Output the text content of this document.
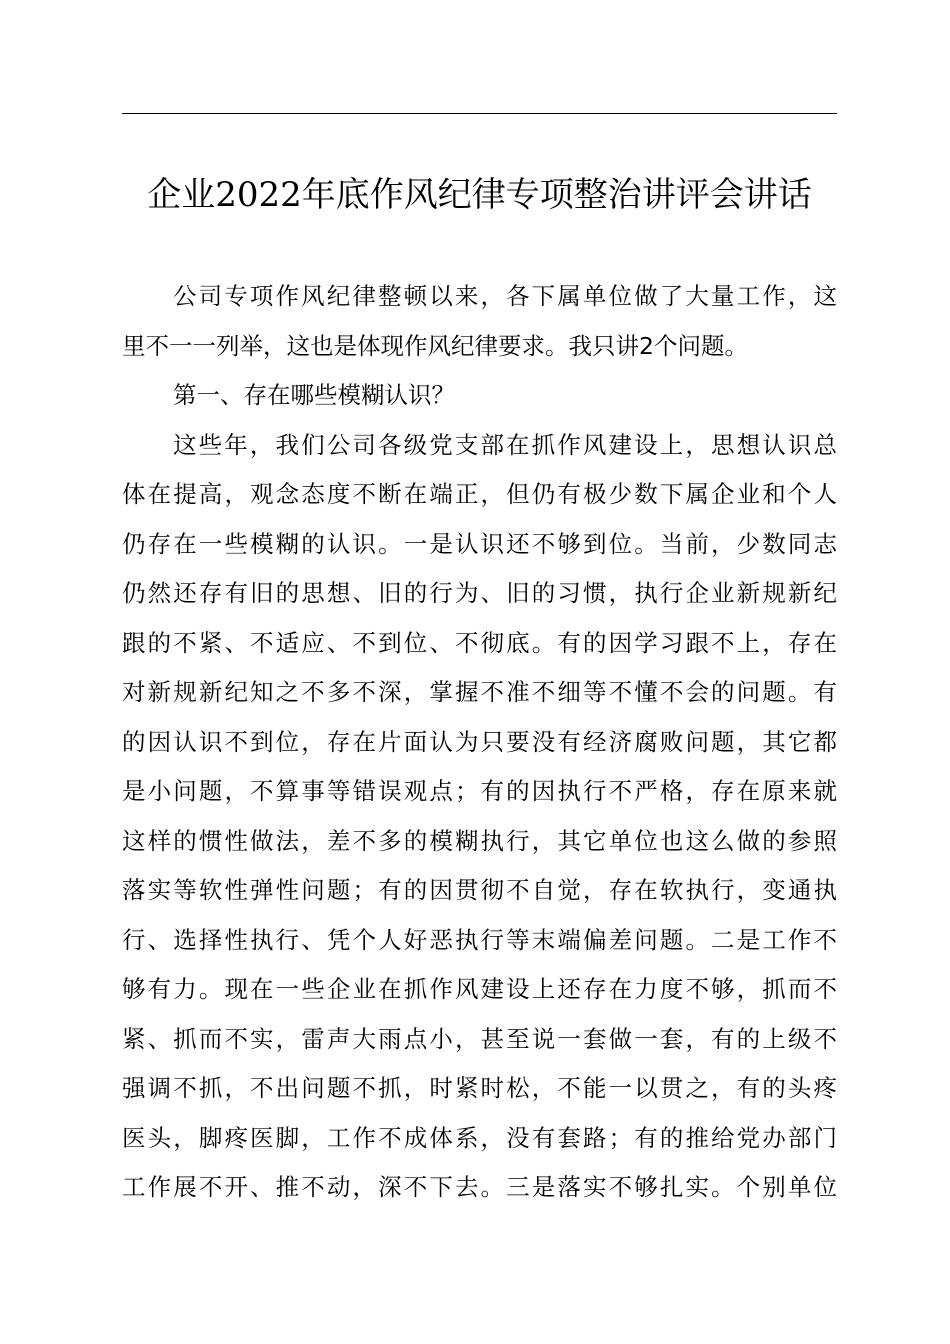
企业2022年底作风纪律专项整治讲评会讲话
公司专项作风纪律整顿以来，各下属单位做了大量工作，这
里不一一列举，这也是体现作风纪律要求。我只讲2个问题。
第一、存在哪些模糊认识？
这些年，我们公司各级党支部在抓作风建设上，思想认识总
体在提高，观念态度不断在端正，但仍有极少数下属企业和个人
仍存在一些模糊的认识。一是认识还不够到位。当前，少数同志
仍然还存有旧的思想、旧的行为、旧的习惯，执行企业新规新纪
跟的不紧、不适应、不到位、不彻底。有的因学习跟不上，存在
对新规新纪知之不多不深，掌握不准不细等不懂不会的问题。有
的因认识不到位，存在片面认为只要没有经济腐败问题，其它都
是小问题，不算事等错误观点；有的因执行不严格，存在原来就
这样的惯性做法，差不多的模糊执行，其它单位也这么做的参照
落实等软性弹性问题；有的因贯彻不自觉，存在软执行，变通执
行、选择性执行、凭个人好恶执行等末端偏差问题。二是工作不
够有力。现在一些企业在抓作风建设上还存在力度不够，抓而不
紧、抓而不实，雷声大雨点小，甚至说一套做一套，有的上级不
强调不抓，不出问题不抓，时紧时松，不能一以贯之，有的头疼
医头，脚疼医脚，工作不成体系，没有套路；有的推给党办部门
工作展不开、推不动，深不下去。三是落实不够扎实。个别单位
